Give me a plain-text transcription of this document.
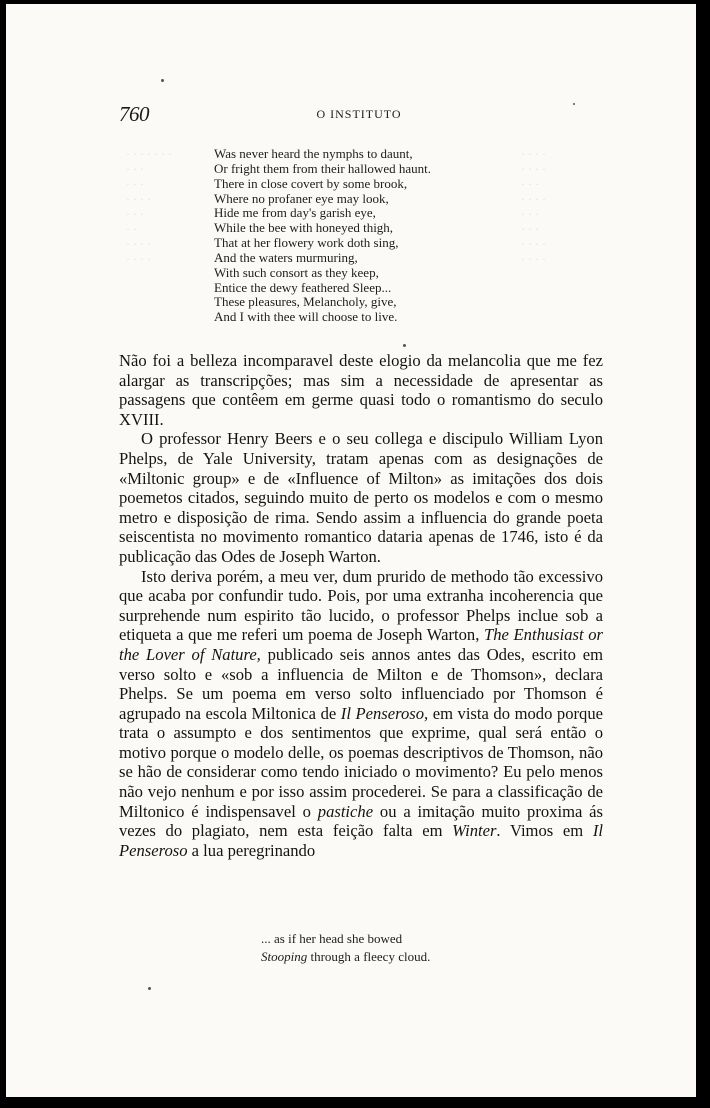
760	O INSTITUTO
· · · · · · ·
· · ·
· · ·
· · · ·
· · ·
· ·
· · · ·
· · · ·
· · · ·
· · · ·
· · ·
· · · ·
· · ·
· · ·
· · · ·
· · · ·
Was never heard the nymphs to daunt,
Or fright them from their hallowed haunt.
There in close covert by some brook,
Where no profaner eye may look,
Hide me from day's garish eye,
While the bee with honeyed thigh,
That at her flowery work doth sing,
And the waters murmuring,
With such consort as they keep,
Entice the dewy feathered Sleep...
These pleasures, Melancholy, give,
And I with thee will choose to live.

Não foi a belleza incomparavel deste elogio da melancolia que me fez alargar as transcripções; mas sim a necessidade de apresentar as passagens que contêem em germe quasi todo o romantismo do seculo XVIII.

O professor Henry Beers e o seu collega e discipulo William Lyon Phelps, de Yale University, tratam apenas com as designações de «Miltonic group» e de «Influence of Milton» as imitações dos dois poemetos citados, seguindo muito de perto os modelos e com o mesmo metro e disposição de rima. Sendo assim a influencia do grande poeta seiscentista no movimento romantico dataria apenas de 1746, isto é da publicação das Odes de Joseph Warton.

Isto deriva porém, a meu ver, dum prurido de methodo tão excessivo que acaba por confundir tudo. Pois, por uma extranha incoherencia que surprehende num espirito tão lucido, o professor Phelps inclue sob a etiqueta a que me referi um poema de Joseph Warton, The Enthusiast or the Lover of Nature, publicado seis annos antes das Odes, escrito em verso solto e «sob a influencia de Milton e de Thomson», declara Phelps. Se um poema em verso solto influenciado por Thomson é agrupado na escola Miltonica de Il Penseroso, em vista do modo porque trata o assumpto e dos sentimentos que exprime, qual será então o motivo porque o modelo delle, os poemas descriptivos de Thomson, não se hão de considerar como tendo iniciado o movimento? Eu pelo menos não vejo nenhum e por isso assim procederei. Se para a classificação de Miltonico é indispensavel o pastiche ou a imitação muito proxima ás vezes do plagiato, nem esta feição falta em Winter. Vimos em Il Penseroso a lua peregrinando

... as if her head she bowed
Stooping through a fleecy cloud.
